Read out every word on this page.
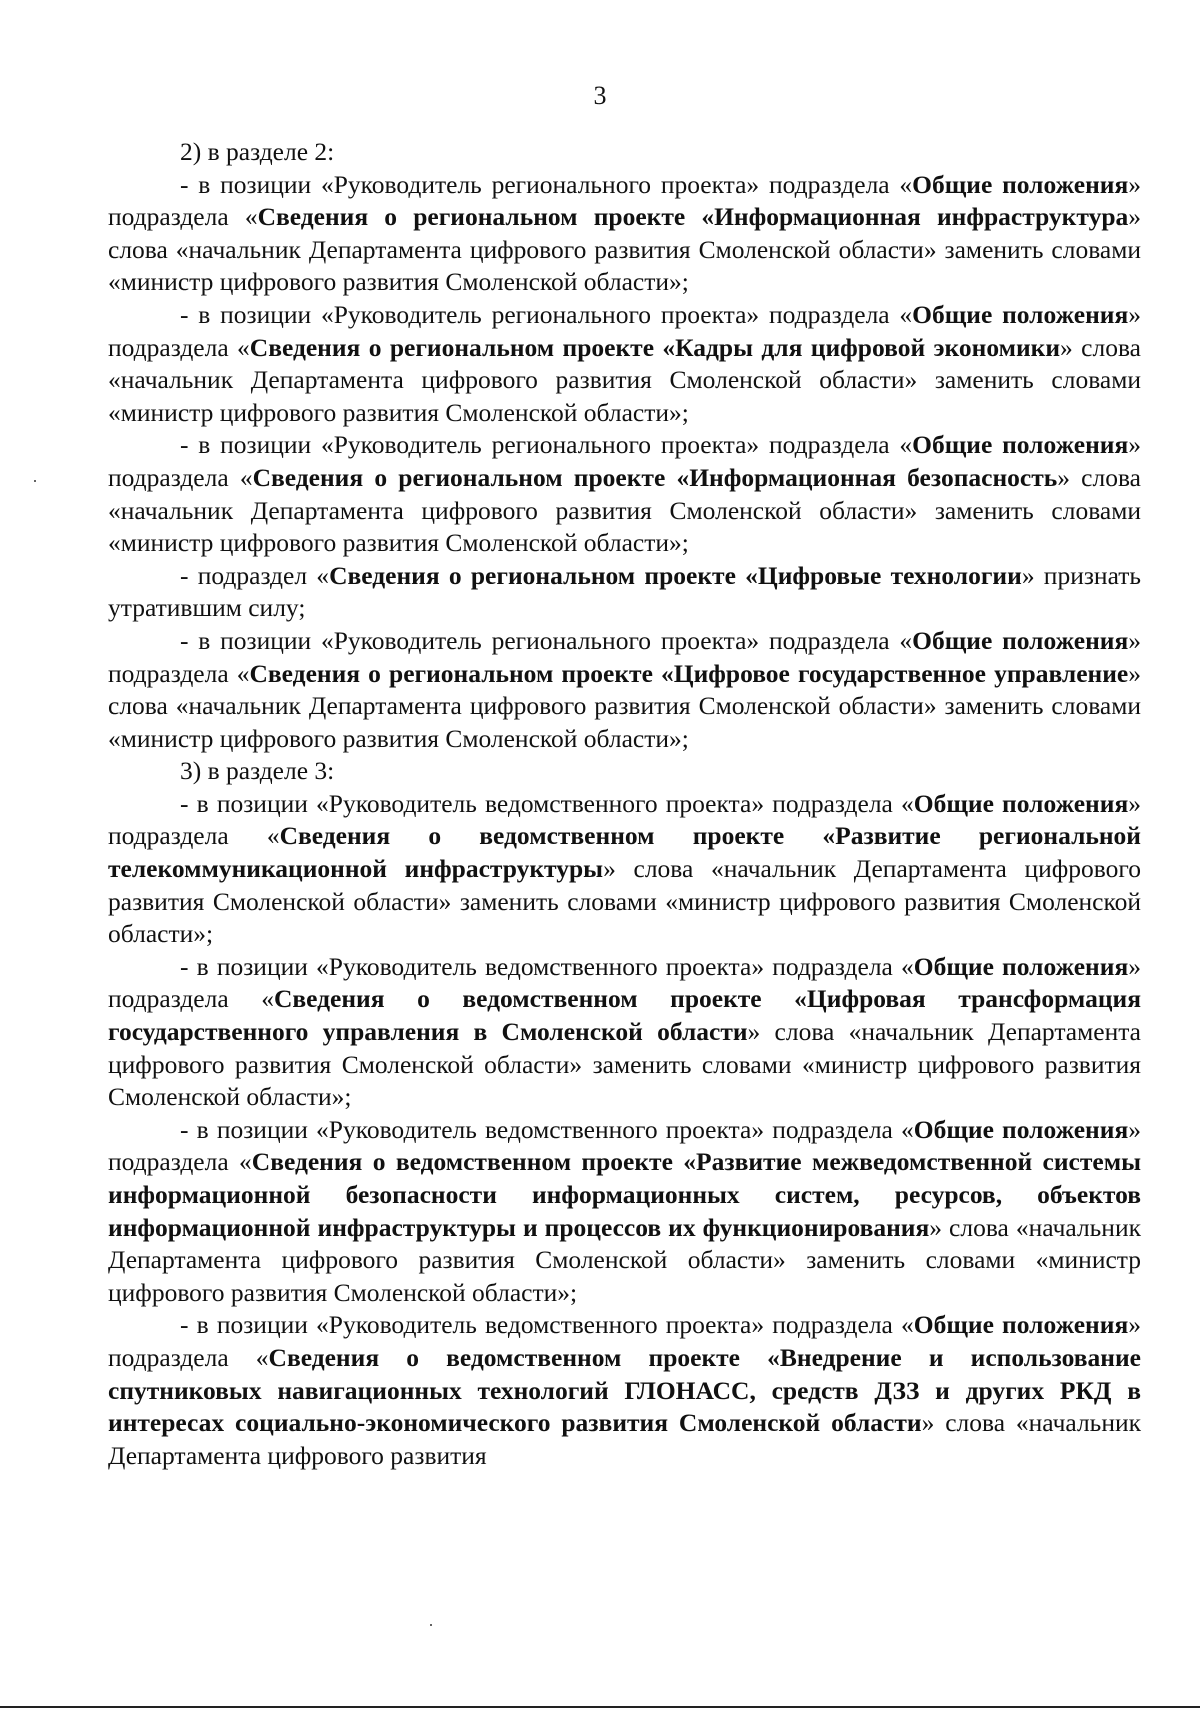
3

2) в разделе 2:

- в позиции «Руководитель регионального проекта» подраздела «Общие положения» подраздела «Сведения о региональном проекте «Информационная инфраструктура» слова «начальник Департамента цифрового развития Смоленской области» заменить словами «министр цифрового развития Смоленской области»;

- в позиции «Руководитель регионального проекта» подраздела «Общие положения» подраздела «Сведения о региональном проекте «Кадры для цифровой экономики» слова «начальник Департамента цифрового развития Смоленской области» заменить словами «министр цифрового развития Смоленской области»;

- в позиции «Руководитель регионального проекта» подраздела «Общие положения» подраздела «Сведения о региональном проекте «Информационная безопасность» слова «начальник Департамента цифрового развития Смоленской области» заменить словами «министр цифрового развития Смоленской области»;

- подраздел «Сведения о региональном проекте «Цифровые технологии» признать утратившим силу;

- в позиции «Руководитель регионального проекта» подраздела «Общие положения» подраздела «Сведения о региональном проекте «Цифровое государственное управление» слова «начальник Департамента цифрового развития Смоленской области» заменить словами «министр цифрового развития Смоленской области»;

3) в разделе 3:

- в позиции «Руководитель ведомственного проекта» подраздела «Общие положения» подраздела «Сведения о ведомственном проекте «Развитие региональной телекоммуникационной инфраструктуры» слова «начальник Департамента цифрового развития Смоленской области» заменить словами «министр цифрового развития Смоленской области»;

- в позиции «Руководитель ведомственного проекта» подраздела «Общие положения» подраздела «Сведения о ведомственном проекте «Цифровая трансформация государственного управления в Смоленской области» слова «начальник Департамента цифрового развития Смоленской области» заменить словами «министр цифрового развития Смоленской области»;

- в позиции «Руководитель ведомственного проекта» подраздела «Общие положения» подраздела «Сведения о ведомственном проекте «Развитие межведомственной системы информационной безопасности информационных систем, ресурсов, объектов информационной инфраструктуры и процессов их функционирования» слова «начальник Департамента цифрового развития Смоленской области» заменить словами «министр цифрового развития Смоленской области»;

- в позиции «Руководитель ведомственного проекта» подраздела «Общие положения» подраздела «Сведения о ведомственном проекте «Внедрение и использование спутниковых навигационных технологий ГЛОНАСС, средств ДЗЗ и других РКД в интересах социально-экономического развития Смоленской области» слова «начальник Департамента цифрового развития
